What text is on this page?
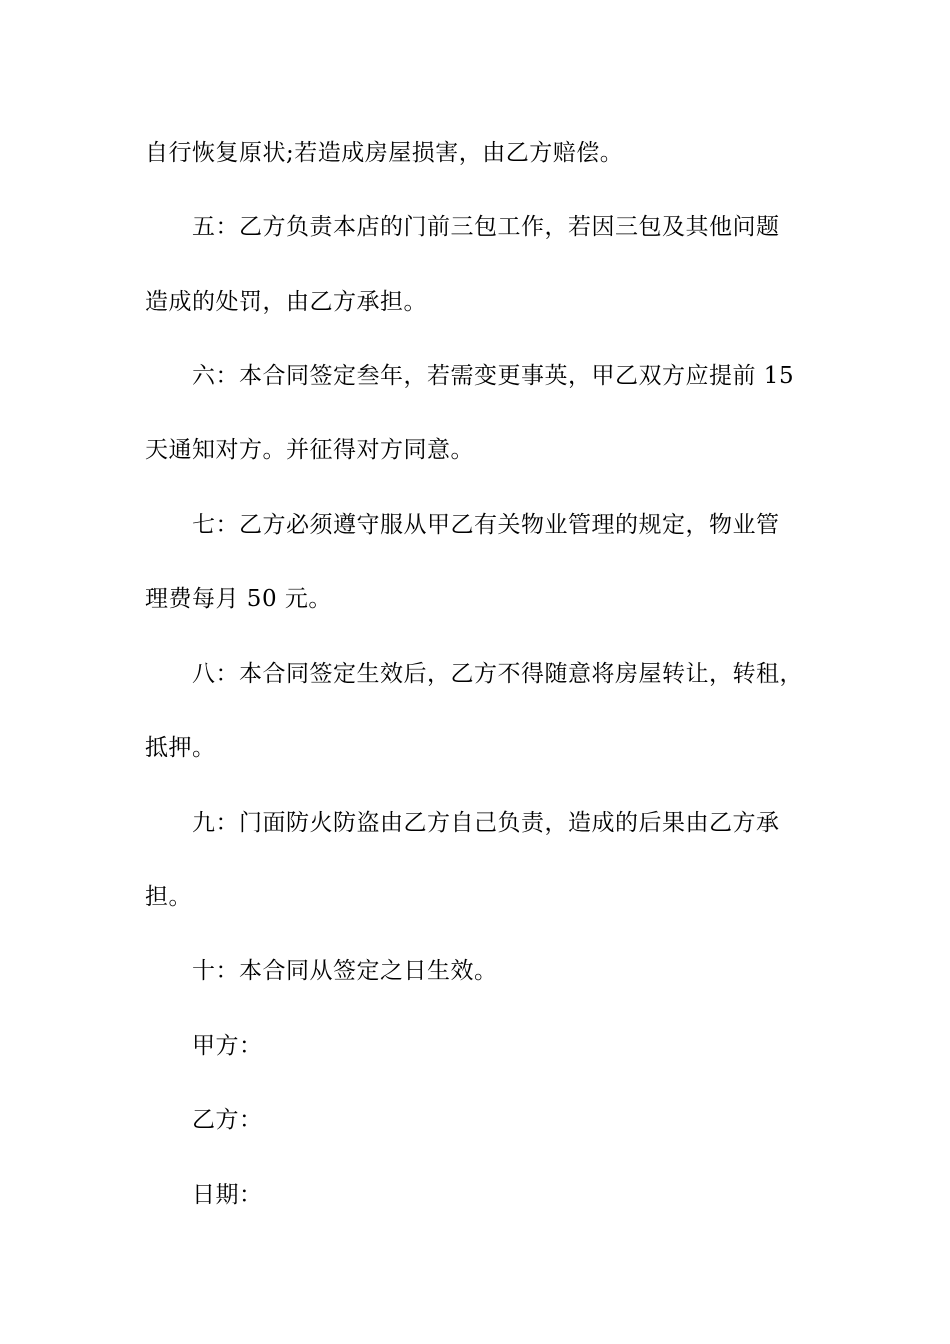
自行恢复原状;若造成房屋损害，由乙方赔偿。
五：乙方负责本店的门前三包工作，若因三包及其他问题
造成的处罚，由乙方承担。
六：本合同签定叁年，若需变更事英，甲乙双方应提前 15
天通知对方。并征得对方同意。
七：乙方必须遵守服从甲乙有关物业管理的规定，物业管
理费每月 50 元。
八：本合同签定生效后，乙方不得随意将房屋转让，转租，
抵押。
九：门面防火防盗由乙方自己负责，造成的后果由乙方承
担。
十：本合同从签定之日生效。
甲方：
乙方：
日期：
